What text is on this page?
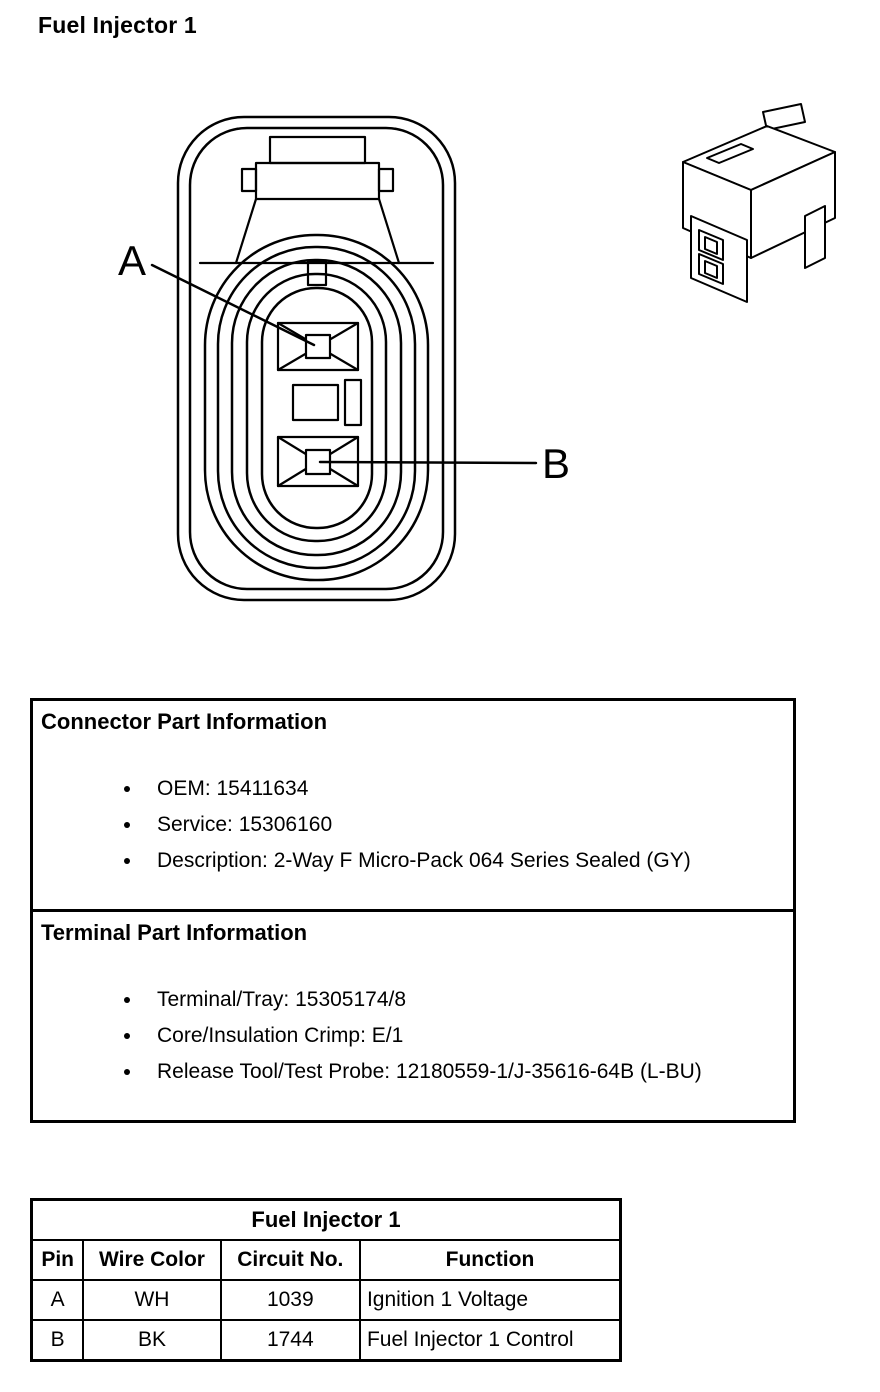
Fuel Injector 1
A
B
Connector Part Information
• OEM: 15411634
• Service: 15306160
• Description: 2-Way F Micro-Pack 064 Series Sealed (GY)
Terminal Part Information
• Terminal/Tray: 15305174/8
• Core/Insulation Crimp: E/1
• Release Tool/Test Probe: 12180559-1/J-35616-64B (L-BU)
Fuel Injector 1			
Pin	Wire Color	Circuit No.	Function
A	WH	1039	Ignition 1 Voltage
B	BK	1744	Fuel Injector 1 Control
